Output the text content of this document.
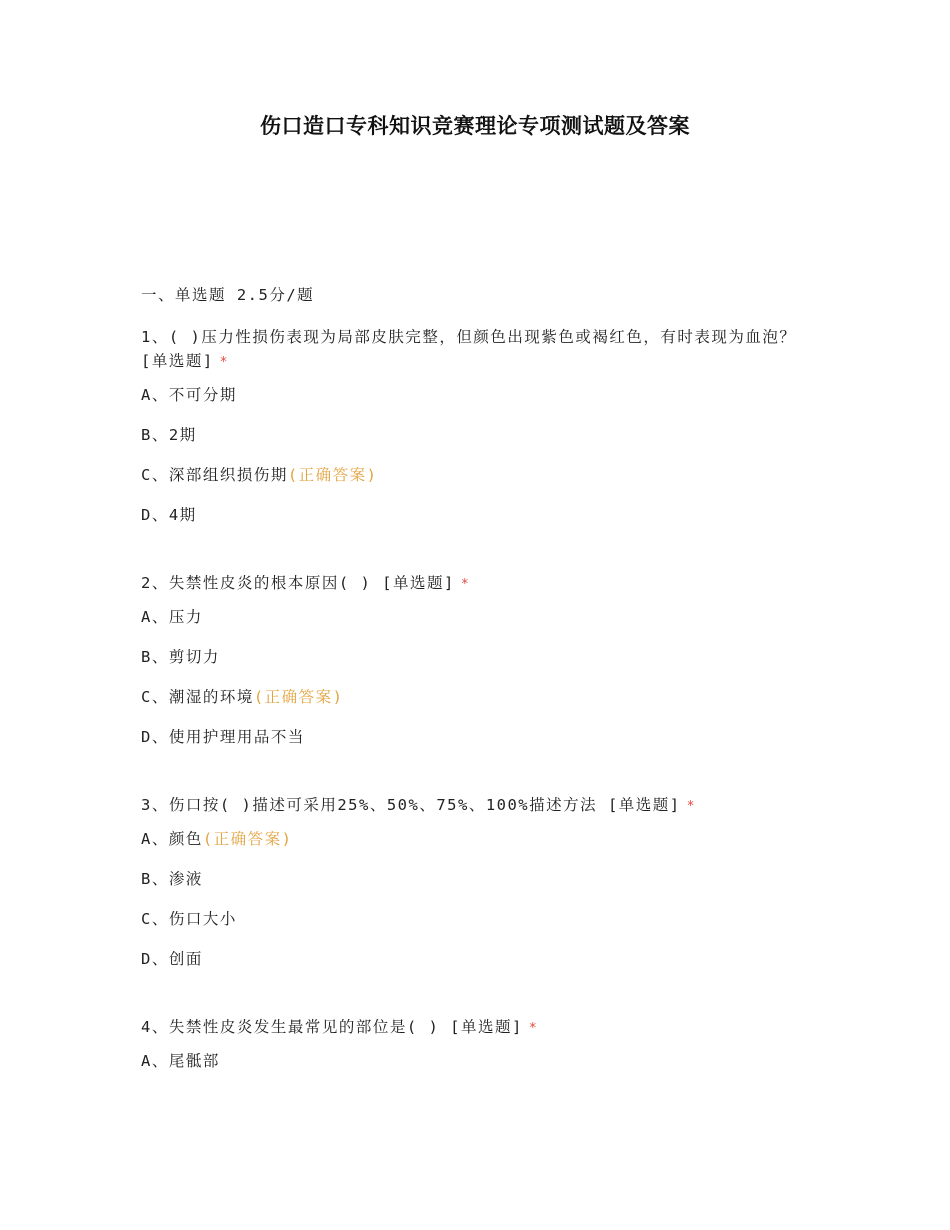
伤口造口专科知识竞赛理论专项测试题及答案
一、单选题 2.5分/题
1、( )压力性损伤表现为局部皮肤完整，但颜色出现紫色或褐红色，有时表现为血泡？ [单选题] *
A、不可分期
B、2期
C、深部组织损伤期(正确答案)
D、4期
2、失禁性皮炎的根本原因( ) [单选题] *
A、压力
B、剪切力
C、潮湿的环境(正确答案)
D、使用护理用品不当
3、伤口按( )描述可采用25%、50%、75%、100%描述方法 [单选题] *
A、颜色(正确答案)
B、渗液
C、伤口大小
D、创面
4、失禁性皮炎发生最常见的部位是( ) [单选题] *
A、尾骶部
